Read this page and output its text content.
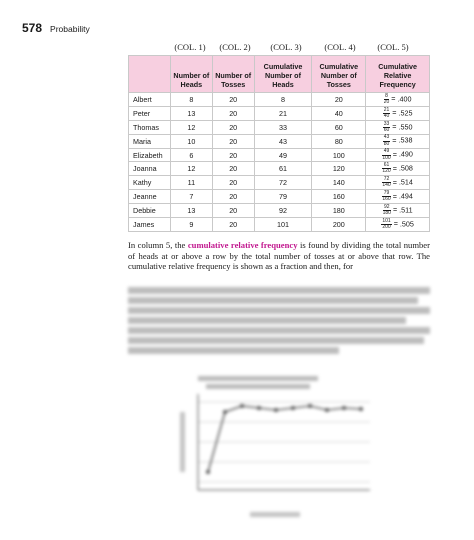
578 Probability
(COL. 1) (COL. 2) (COL. 3)	(COL. 4)	(COL. 5)
	Number of Heads	Number of Tosses	Cumulative Number of Heads	Cumulative Number of Tosses	Cumulative Relative Frequency
Albert	8	20	8	20	$\frac{8}{20} = .400$
Peter	13	20	21	40	$\frac{21}{40} = .525$
Thomas	12	20	33	60	$\frac{33}{60} = .550$
Maria	10	20	43	80	$\frac{43}{80} = .538$
Elizabeth	6	20	49	100	$\frac{49}{100} = .490$
Joanna	12	20	61	120	$\frac{61}{120} = .508$
Kathy	11	20	72	140	$\frac{72}{140} = .514$
Jeanne	7	20	79	160	$\frac{79}{160} = .494$
Debbie	13	20	92	180	$\frac{92}{180} = .511$
James	9	20	101	200	$\frac{101}{200} = .505$
In column 5, the cumulative relative frequency is found by dividing the total number of heads at or above a row by the total number of tosses at or above that row. The cumulative relative frequency is shown as a fraction and then, for
